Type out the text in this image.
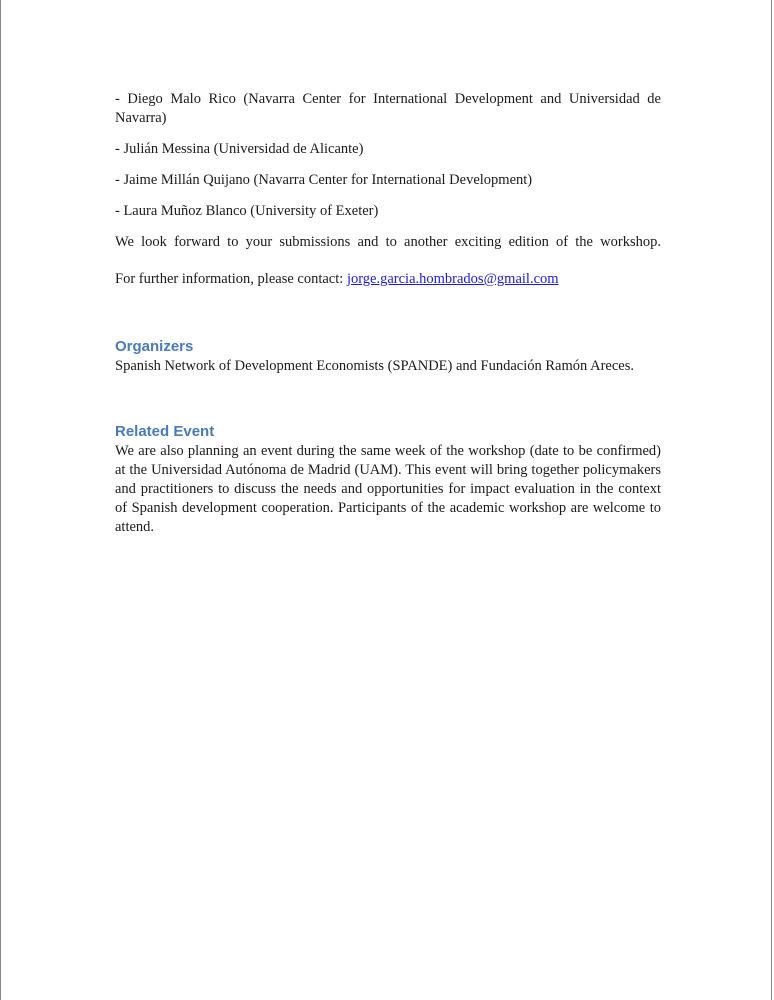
- Diego Malo Rico (Navarra Center for International Development and Universidad de Navarra)

- Julián Messina (Universidad de Alicante)

- Jaime Millán Quijano (Navarra Center for International Development)

- Laura Muñoz Blanco (University of Exeter)

We look forward to your submissions and to another exciting edition of the workshop.

For further information, please contact: jorge.garcia.hombrados@gmail.com

Organizers

Spanish Network of Development Economists (SPANDE) and Fundación Ramón Areces.

Related Event

We are also planning an event during the same week of the workshop (date to be confirmed) at the Universidad Autónoma de Madrid (UAM). This event will bring together policymakers and practitioners to discuss the needs and opportunities for impact evaluation in the context of Spanish development cooperation. Participants of the academic workshop are welcome to attend.
